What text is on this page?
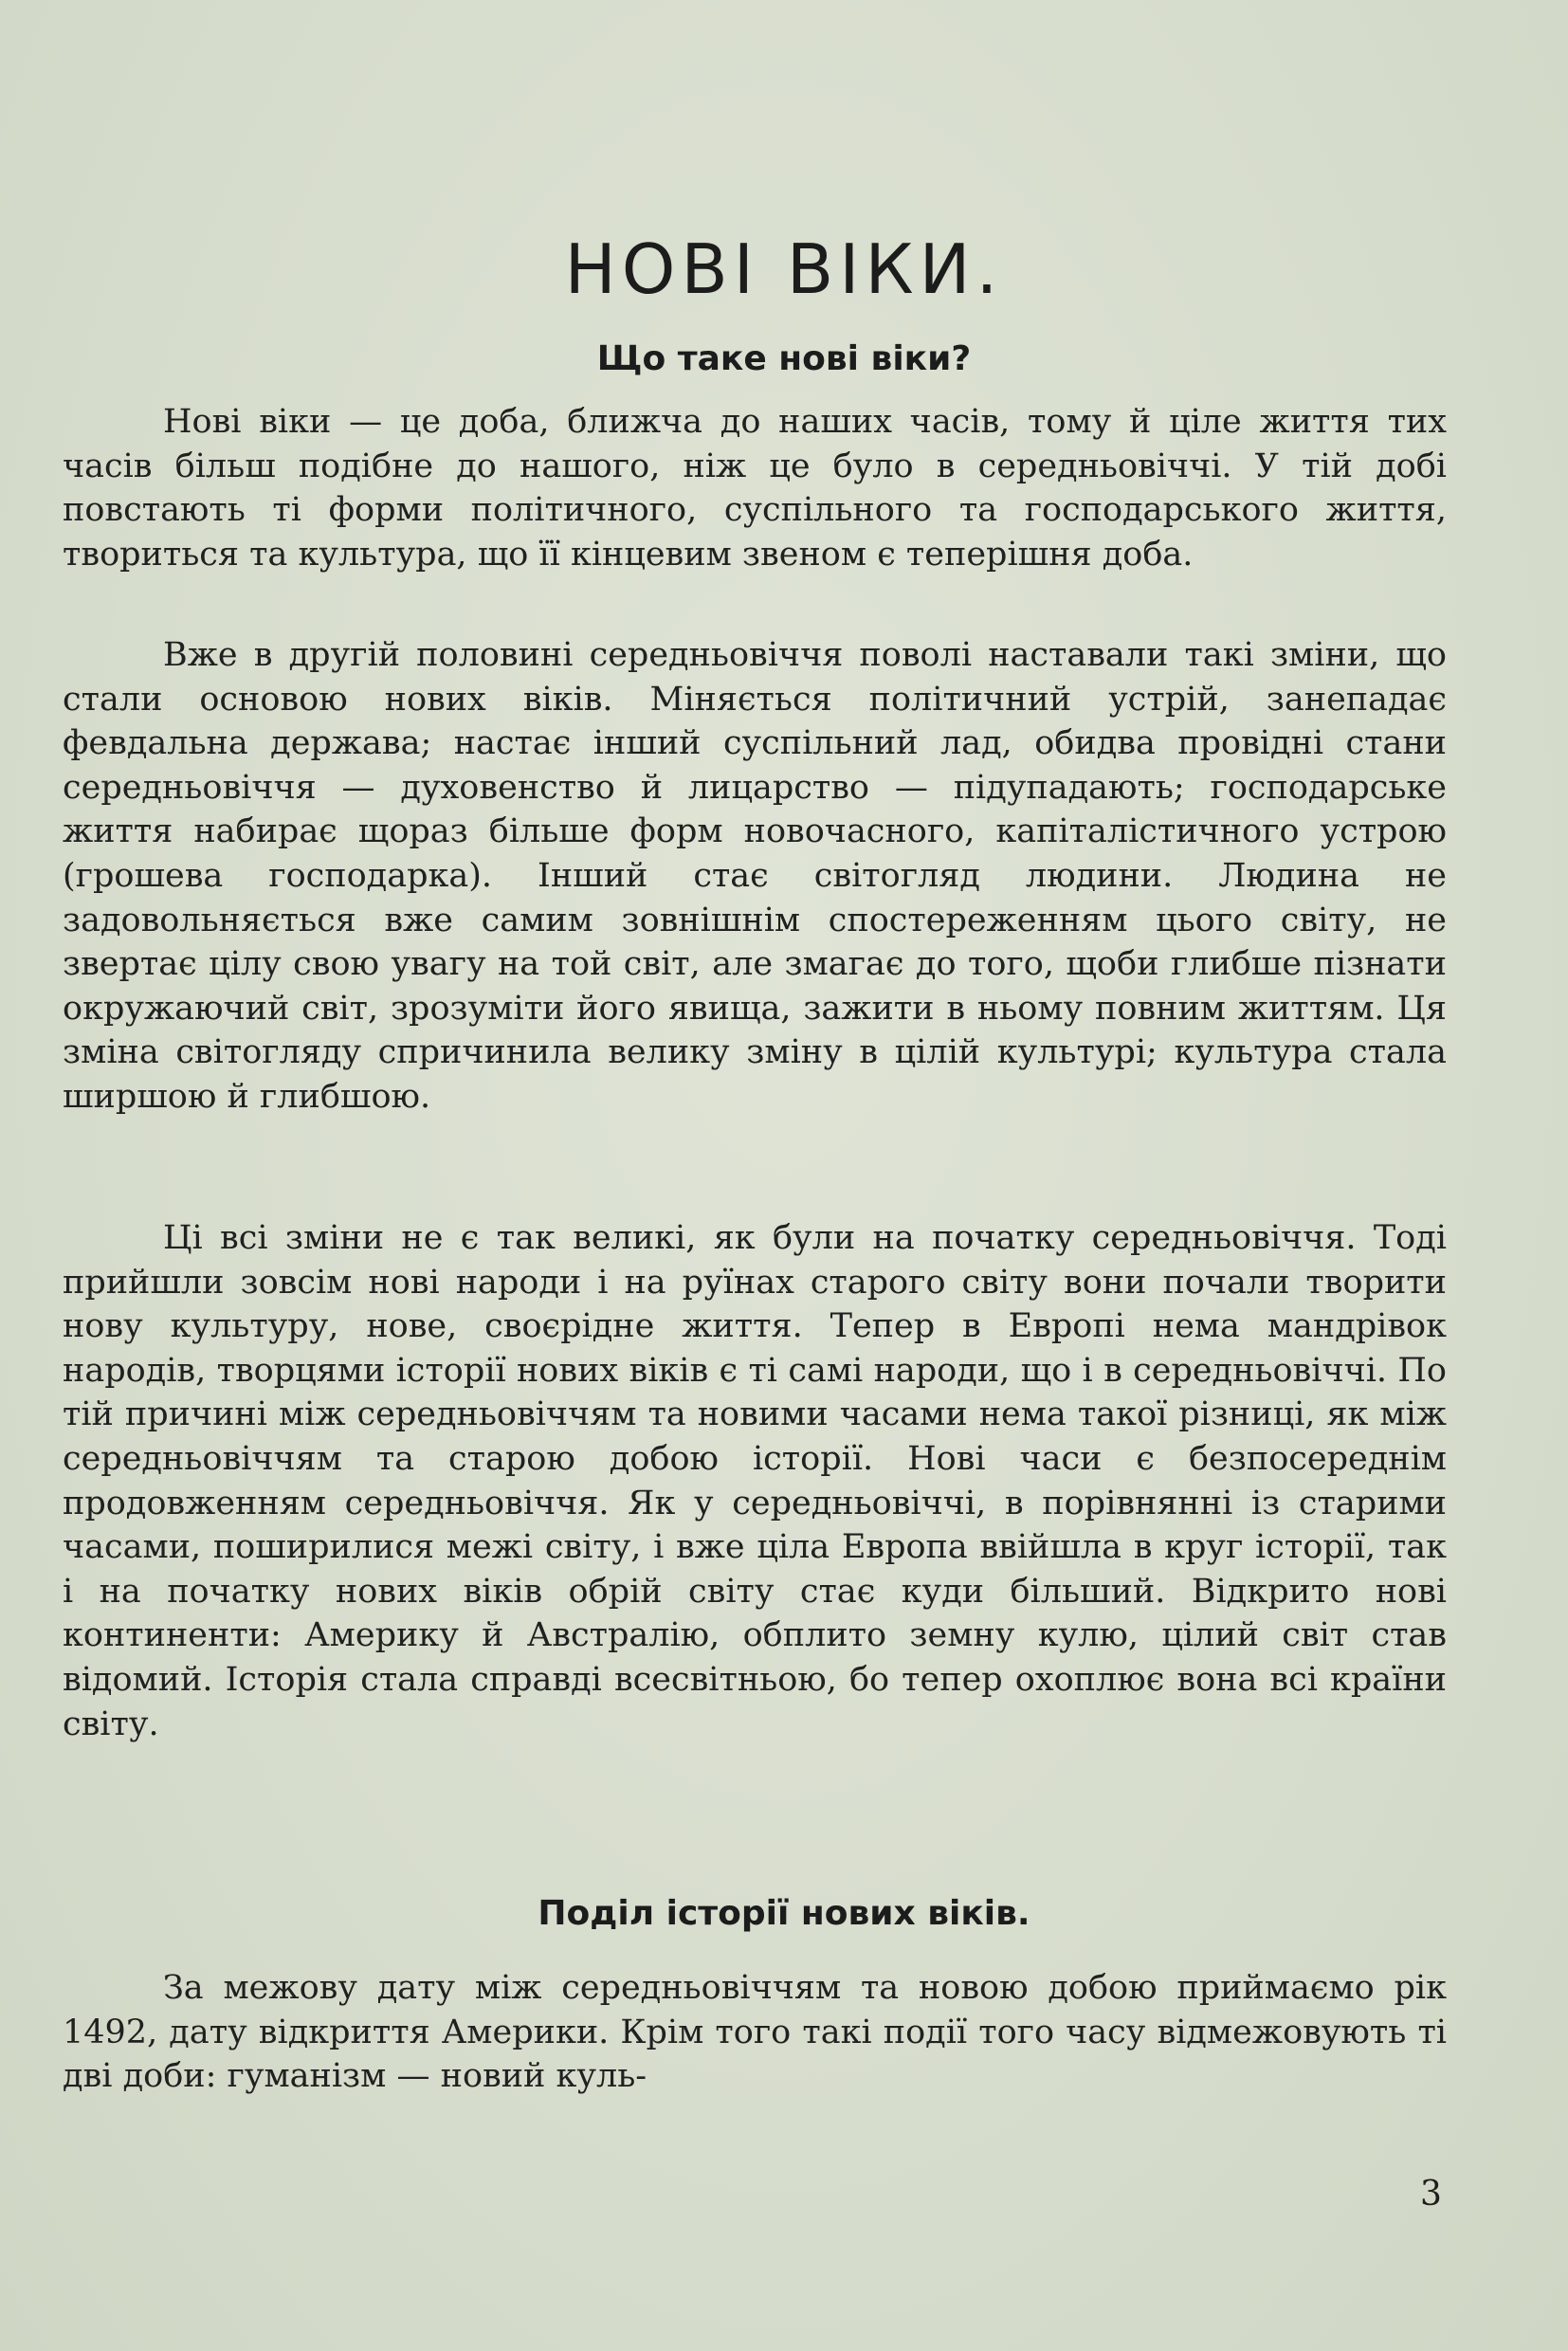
НОВІ ВІКИ.
Що таке нові віки?

Нові віки — це доба, ближча до наших часів, тому й ціле життя тих часів більш подібне до нашого, ніж це було в середньовіччі. У тій добі повстають ті форми політичного, суспільного та господарського життя, твориться та культура, що її кінцевим звеном є теперішня доба.

Вже в другій половині середньовіччя поволі наставали такі зміни, що стали основою нових віків. Міняється політичний устрій, занепадає февдальна держава; настає інший суспільний лад, обидва провідні стани середньовіччя — духовенство й лицарство — підупадають; господарське життя набирає щораз більше форм новочасного, капіталістичного устрою (грошева господарка). Інший стає світогляд людини. Людина не задовольняється вже самим зовнішнім спостереженням цього світу, не звертає цілу свою увагу на той світ, але змагає до того, щоби глибше пізнати окружаючий світ, зрозуміти його явища, зажити в ньому повним життям. Ця зміна світогляду спричинила велику зміну в цілій культурі; культура стала ширшою й глибшою.

Ці всі зміни не є так великі, як були на початку середньовіччя. Тоді прийшли зовсім нові народи і на руїнах старого світу вони почали творити нову культуру, нове, своєрідне життя. Тепер в Европі нема мандрівок народів, творцями історії нових віків є ті самі народи, що і в середньовіччі. По тій причині між середньовіччям та новими часами нема такої різниці, як між середньовіччям та старою добою історії. Нові часи є безпосереднім продовженням середньовіччя. Як у середньовіччі, в порівнянні із старими часами, поширилися межі світу, і вже ціла Европа ввійшла в круг історії, так і на початку нових віків обрій світу стає куди більший. Відкрито нові континенти: Америку й Австралію, обплито земну кулю, цілий світ став відомий. Історія стала справді всесвітньою, бо тепер охоплює вона всі країни світу.

Поділ історії нових віків.

За межову дату між середньовіччям та новою добою приймаємо рік 1492, дату відкриття Америки. Крім того такі події того часу відмежовують ті дві доби: гуманізм — новий куль-

3
